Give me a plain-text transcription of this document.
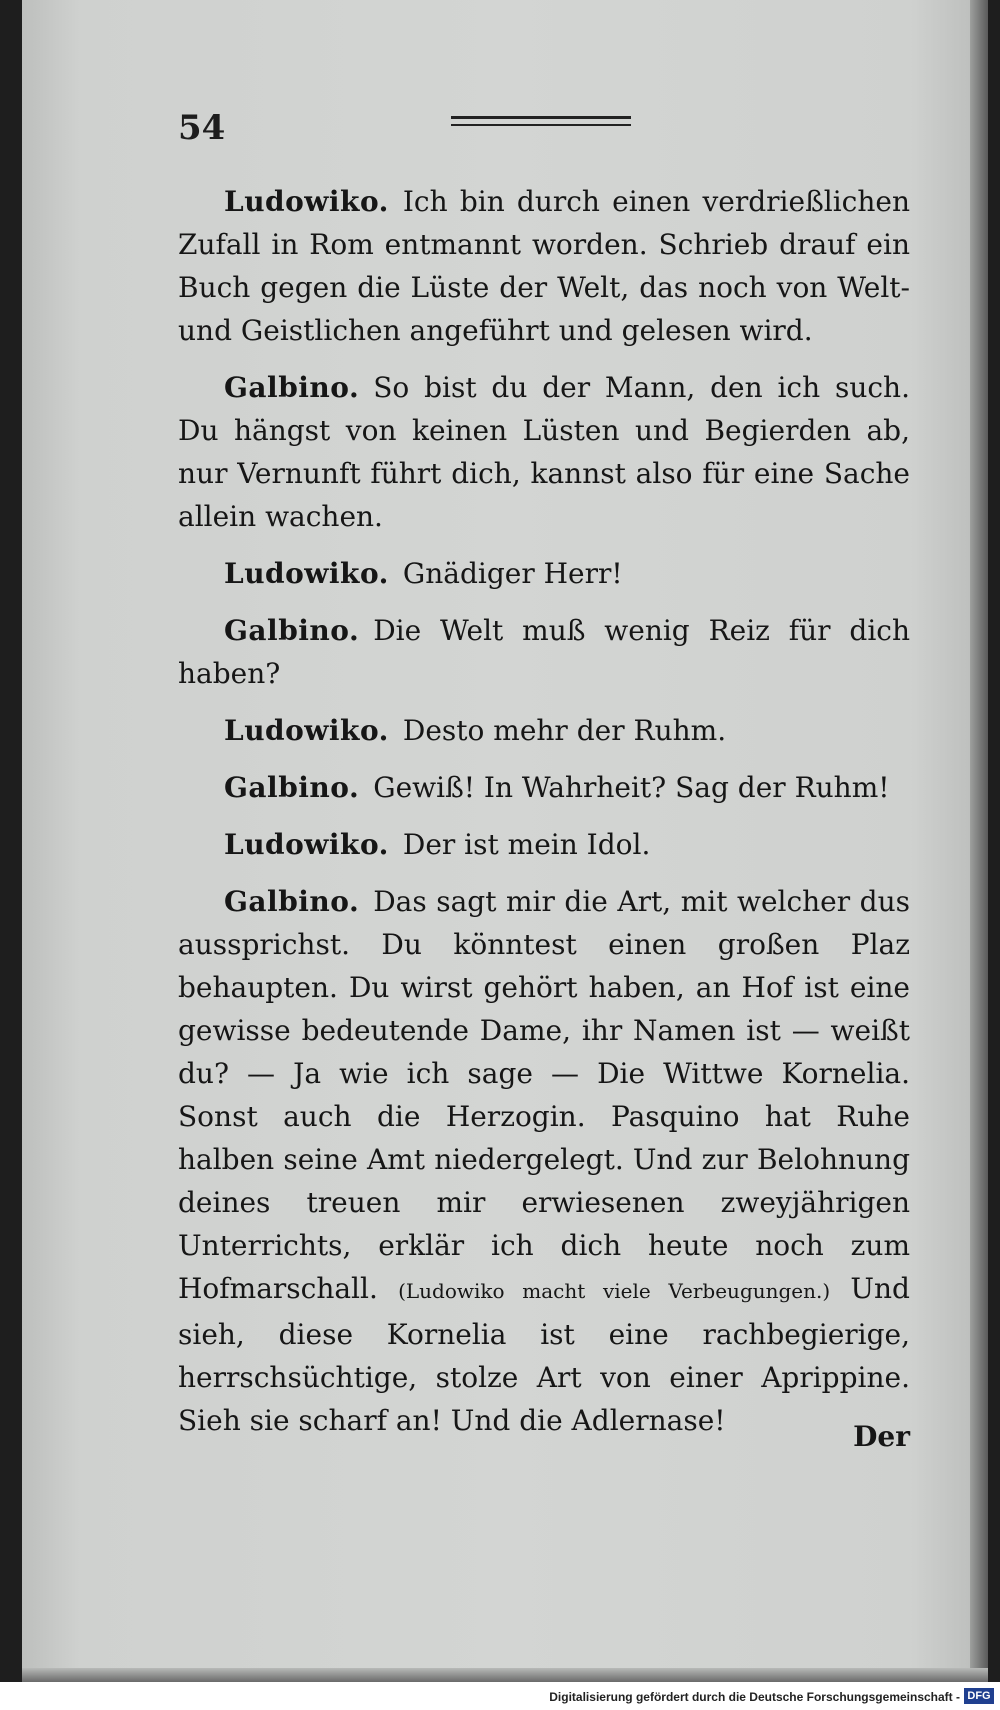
54

Ludowiko. Ich bin durch einen verdrießlichen Zufall in Rom entmannt worden. Schrieb drauf ein Buch gegen die Lüste der Welt, das noch von Welt- und Geistlichen angeführt und gelesen wird.

Galbino. So bist du der Mann, den ich such. Du hängst von keinen Lüsten und Begierden ab, nur Vernunft führt dich, kannst also für eine Sache allein wachen.

Ludowiko. Gnädiger Herr!

Galbino. Die Welt muß wenig Reiz für dich haben?

Ludowiko. Desto mehr der Ruhm.

Galbino. Gewiß! In Wahrheit? Sag der Ruhm!

Ludowiko. Der ist mein Idol.

Galbino. Das sagt mir die Art, mit welcher dus aussprichst. Du könntest einen großen Plaz behaupten. Du wirst gehört haben, an Hof ist eine gewisse bedeutende Dame, ihr Namen ist — weißt du? — Ja wie ich sage — Die Wittwe Kornelia. Sonst auch die Herzogin. Pasquino hat Ruhe halben seine Amt niedergelegt. Und zur Belohnung deines treuen mir erwiesenen zweyjährigen Unterrichts, erklär ich dich heute noch zum Hofmarschall. (Ludowiko macht viele Verbeugungen.) Und sieh, diese Kornelia ist eine rachbegierige, herrschsüchtige, stolze Art von einer Aprippine. Sieh sie scharf an! Und die Adlernase!	Der
Digitalisierung gefördert durch die Deutsche Forschungsgemeinschaft - DFG
